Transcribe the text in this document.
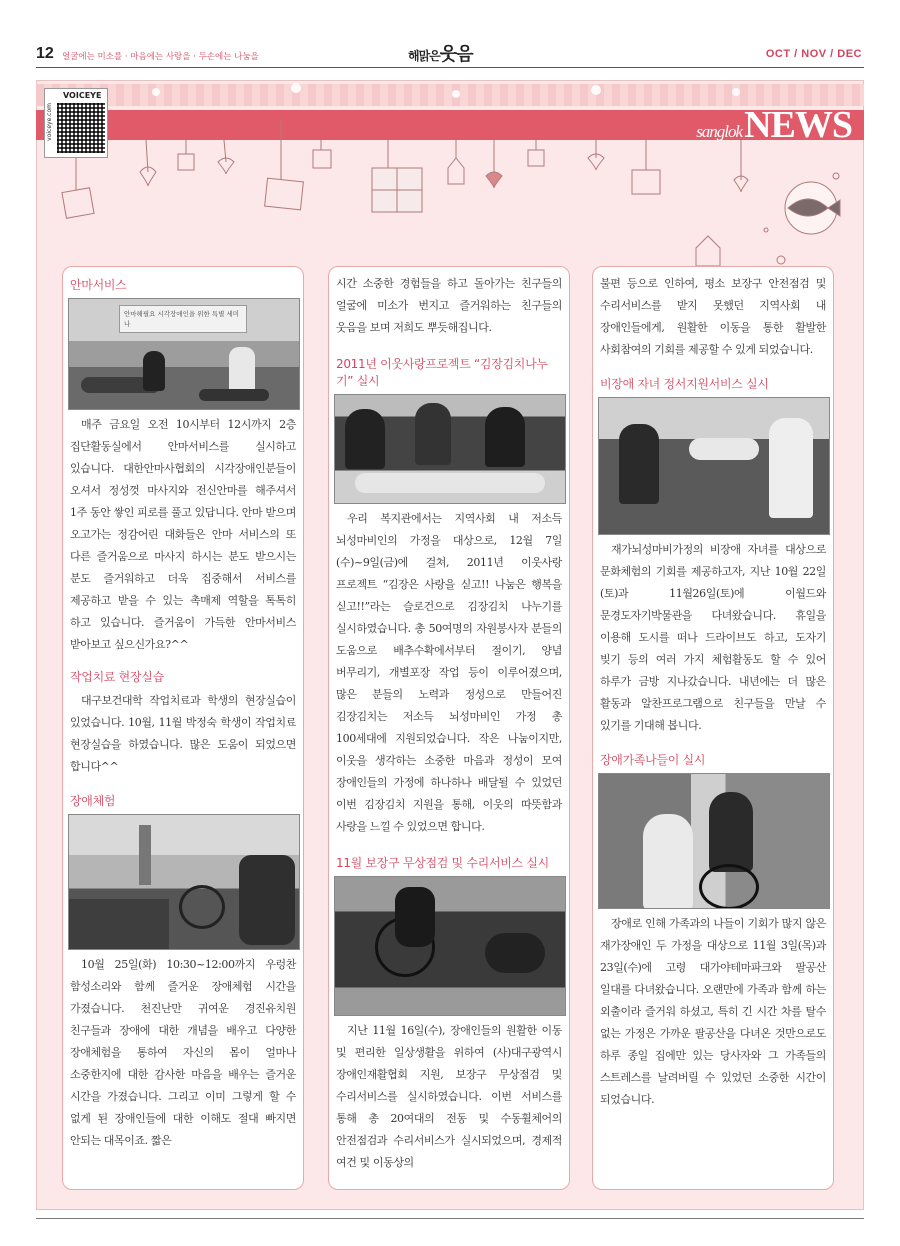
12 얼굴에는 미소를 · 마음에는 사랑을 · 두손에는 나눔을	해맑은웃음	OCT / NOV / DEC
VOICEYE
voiceye.com	sanglokNEWS
안마서비스
안마해필요 시각장애인을 위한 특별 세미나
매주 금요일 오전 10시부터 12시까지 2층 집단활동실에서 안마서비스를 실시하고 있습니다. 대한안마사협회의 시각장애인분들이 오셔서 정성껏 마사지와 전신안마를 해주셔서 1주 동안 쌓인 피로를 풀고 있답니다. 안마 받으며 오고가는 정감어린 대화들은 안마 서비스의 또 다른 즐거움으로 마사지 하시는 분도 받으시는 분도 즐거워하고 더욱 집중해서 서비스를 제공하고 받을 수 있는 촉매제 역할을 톡톡히 하고 있습니다. 즐거움이 가득한 안마서비스 받아보고 싶으신가요?^^
작업치료 현장실습
대구보건대학 작업치료과 학생의 현장실습이 있었습니다. 10월, 11월 박정숙 학생이 작업치료 현장실습을 하였습니다. 많은 도움이 되었으면 합니다^^
장애체험
10월 25일(화) 10:30~12:00까지 우렁찬 함성소리와 함께 즐거운 장애체험 시간을 가졌습니다. 천진난만 귀여운 경진유치원 친구들과 장애에 대한 개념을 배우고 다양한 장애체험을 통하여 자신의 몸이 얼마나 소중한지에 대한 감사한 마음을 배우는 즐거운 시간을 가졌습니다. 그리고 이미 그렇게 할 수 없게 된 장애인들에 대한 이해도 절대 빠지면 안되는 대목이죠. 짧은
시간 소중한 경험들을 하고 돌아가는 친구들의 얼굴에 미소가 번지고 즐거워하는 친구들의 웃음을 보며 저희도 뿌듯해집니다.
2011년 이웃사랑프로젝트 “김장김치나누기” 실시
우리 복지관에서는 지역사회 내 저소득 뇌성마비인의 가정을 대상으로, 12월 7일(수)~9일(금)에 걸쳐, 2011년 이웃사랑 프로젝트 “김장은 사랑을 싣고!! 나눔은 행복을 싣고!!”라는 슬로건으로 김장김치 나누기를 실시하였습니다. 총 50여명의 자원봉사자 분들의 도움으로 배추수확에서부터 절이기, 양념 버무리기, 개별포장 작업 등이 이루어졌으며, 많은 분들의 노력과 정성으로 만들어진 김장김치는 저소득 뇌성마비인 가정 총 100세대에 지원되었습니다. 작은 나눔이지만, 이웃을 생각하는 소중한 마음과 정성이 모여 장애인들의 가정에 하나하나 배달될 수 있었던 이번 김장김치 지원을 통해, 이웃의 따뜻함과 사랑을 느낄 수 있었으면 합니다.
11월 보장구 무상점검 및 수리서비스 실시
지난 11월 16일(수), 장애인들의 원활한 이동 및 편리한 일상생활을 위하여 (사)대구광역시 장애인재활협회 지원, 보장구 무상점검 및 수리서비스를 실시하였습니다. 이번 서비스를 통해 총 20여대의 전동 및 수동휠체어의 안전점검과 수리서비스가 실시되었으며, 경제적 여건 및 이동상의
불편 등으로 인하여, 평소 보장구 안전점검 및 수리서비스를 받지 못했던 지역사회 내 장애인들에게, 원활한 이동을 통한 활발한 사회참여의 기회를 제공할 수 있게 되었습니다.
비장애 자녀 정서지원서비스 실시
재가뇌성마비가정의 비장애 자녀를 대상으로 문화체험의 기회를 제공하고자, 지난 10월 22일(토)과 11월26일(토)에 이월드와 문경도자기박물관을 다녀왔습니다. 휴일을 이용해 도시를 떠나 드라이브도 하고, 도자기 빚기 등의 여러 가지 체험활동도 할 수 있어 하루가 금방 지나갔습니다. 내년에는 더 많은 활동과 알찬프로그램으로 친구들을 만날 수 있기를 기대해 봅니다.
장애가족나들이 실시
장애로 인해 가족과의 나들이 기회가 많지 않은 재가장애인 두 가정을 대상으로 11월 3일(목)과 23일(수)에 고령 대가야테마파크와 팔공산 일대를 다녀왔습니다. 오랜만에 가족과 함께 하는 외출이라 즐거워 하셨고, 특히 긴 시간 차를 탈수 없는 가정은 가까운 팔공산을 다녀온 것만으로도 하루 종일 집에만 있는 당사자와 그 가족들의 스트레스를 날려버릴 수 있었던 소중한 시간이 되었습니다.
